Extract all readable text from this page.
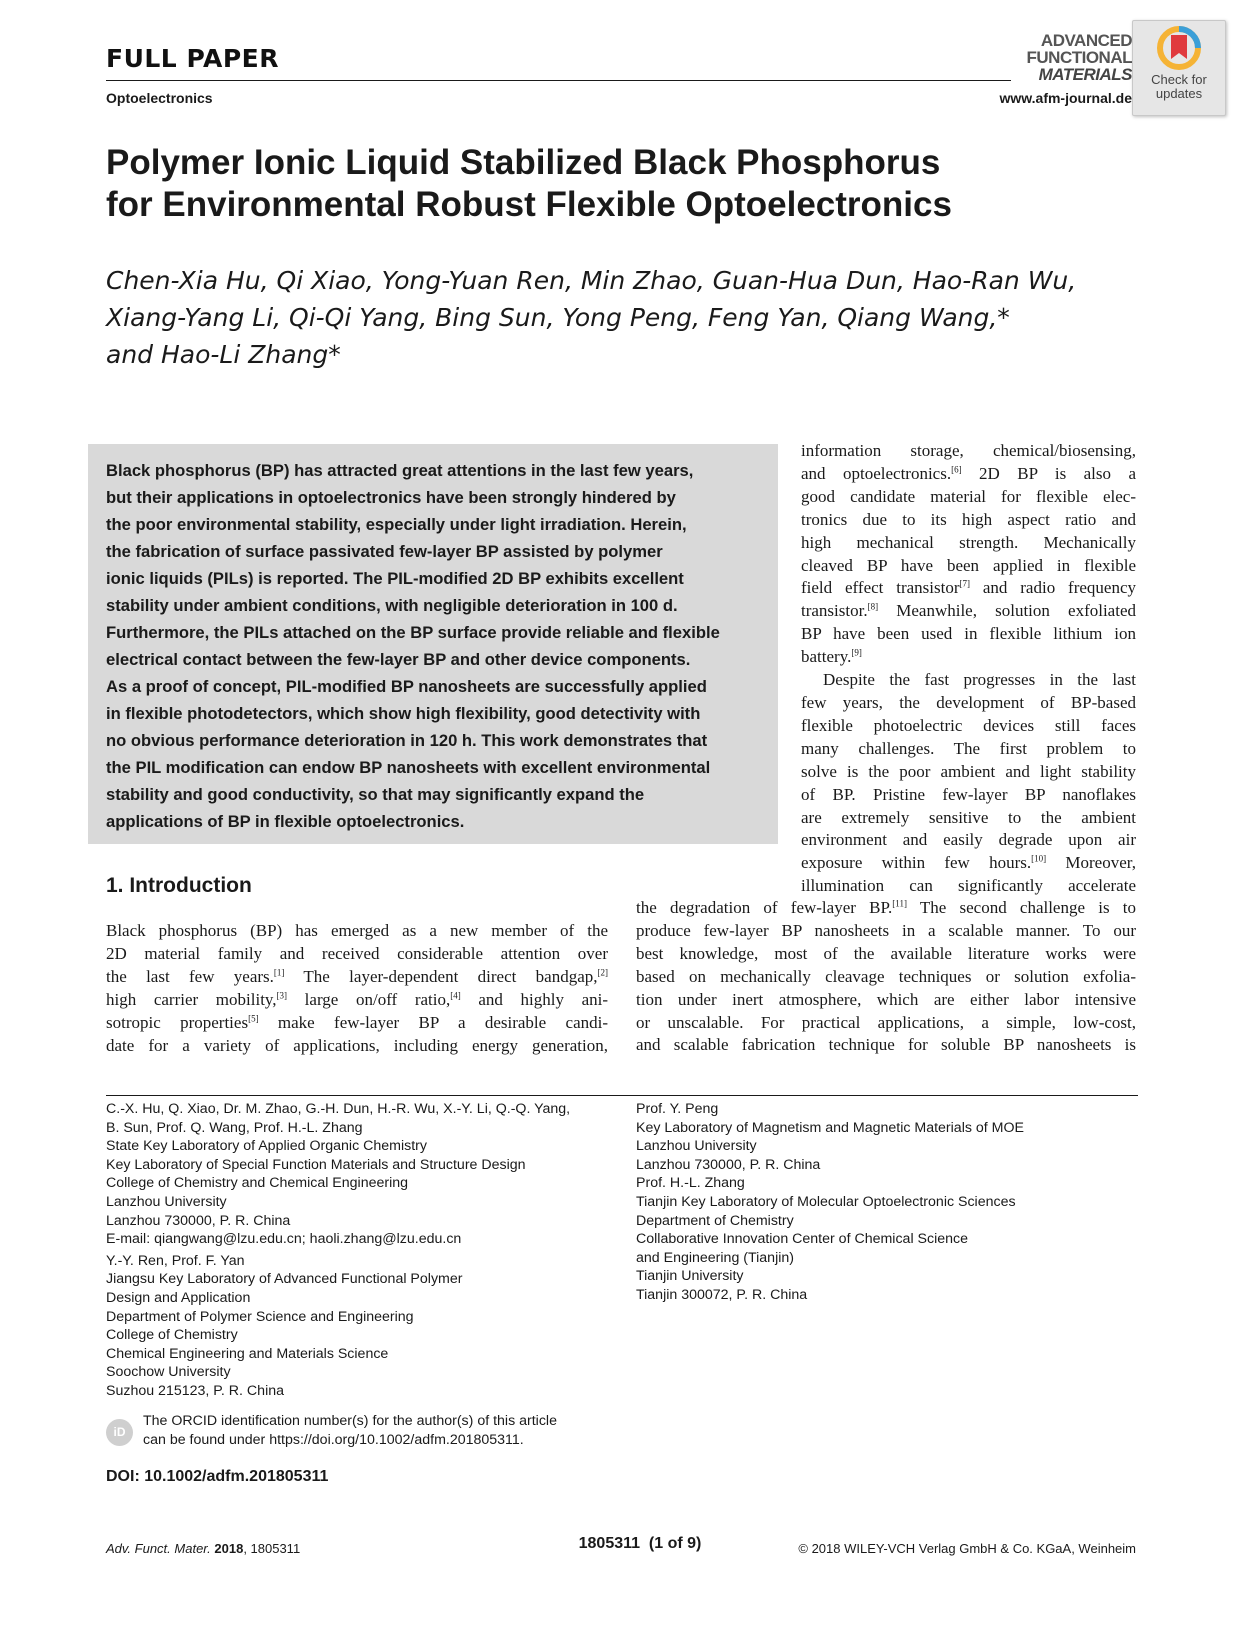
FULL PAPER
Optoelectronics
ADVANCED
FUNCTIONAL
MATERIALS
www.afm-journal.de
Check for
updates
Polymer Ionic Liquid Stabilized Black Phosphorus
for Environmental Robust Flexible Optoelectronics
Chen-Xia Hu, Qi Xiao, Yong-Yuan Ren, Min Zhao, Guan-Hua Dun, Hao-Ran Wu,
Xiang-Yang Li, Qi-Qi Yang, Bing Sun, Yong Peng, Feng Yan, Qiang Wang,*
and Hao-Li Zhang*
Black phosphorus (BP) has attracted great attentions in the last few years,
but their applications in optoelectronics have been strongly hindered by
the poor environmental stability, especially under light irradiation. Herein,
the fabrication of surface passivated few-layer BP assisted by polymer
ionic liquids (PILs) is reported. The PIL-modified 2D BP exhibits excellent
stability under ambient conditions, with negligible deterioration in 100 d.
Furthermore, the PILs attached on the BP surface provide reliable and flexible
electrical contact between the few-layer BP and other device components.
As a proof of concept, PIL-modified BP nanosheets are successfully applied
in flexible photodetectors, which show high flexibility, good detectivity with
no obvious performance deterioration in 120 h. This work demonstrates that
the PIL modification can endow BP nanosheets with excellent environmental
stability and good conductivity, so that may significantly expand the
applications of BP in flexible optoelectronics.
information storage, chemical/biosensing,
and optoelectronics.[6] 2D BP is also a
good candidate material for flexible elec-
tronics due to its high aspect ratio and
high mechanical strength. Mechanically
cleaved BP have been applied in flexible
field effect transistor[7] and radio frequency
transistor.[8] Meanwhile, solution exfoliated
BP have been used in flexible lithium ion
battery.[9]
Despite the fast progresses in the last
few years, the development of BP-based
flexible photoelectric devices still faces
many challenges. The first problem to
solve is the poor ambient and light stability
of BP. Pristine few-layer BP nanoflakes
are extremely sensitive to the ambient
environment and easily degrade upon air
exposure within few hours.[10] Moreover,
illumination can significantly accelerate
the degradation of few-layer BP.[11] The second challenge is to
produce few-layer BP nanosheets in a scalable manner. To our
best knowledge, most of the available literature works were
based on mechanically cleavage techniques or solution exfolia-
tion under inert atmosphere, which are either labor intensive
or unscalable. For practical applications, a simple, low-cost,
and scalable fabrication technique for soluble BP nanosheets is
1. Introduction
Black phosphorus (BP) has emerged as a new member of the
2D material family and received considerable attention over
the last few years.[1] The layer-dependent direct bandgap,[2]
high carrier mobility,[3] large on/off ratio,[4] and highly ani-
sotropic properties[5] make few-layer BP a desirable candi-
date for a variety of applications, including energy generation,
C.-X. Hu, Q. Xiao, Dr. M. Zhao, G.-H. Dun, H.-R. Wu, X.-Y. Li, Q.-Q. Yang,
B. Sun, Prof. Q. Wang, Prof. H.-L. Zhang
State Key Laboratory of Applied Organic Chemistry
Key Laboratory of Special Function Materials and Structure Design
College of Chemistry and Chemical Engineering
Lanzhou University
Lanzhou 730000, P. R. China
E-mail: qiangwang@lzu.edu.cn; haoli.zhang@lzu.edu.cn
Y.-Y. Ren, Prof. F. Yan
Jiangsu Key Laboratory of Advanced Functional Polymer
Design and Application
Department of Polymer Science and Engineering
College of Chemistry
Chemical Engineering and Materials Science
Soochow University
Suzhou 215123, P. R. China
Prof. Y. Peng
Key Laboratory of Magnetism and Magnetic Materials of MOE
Lanzhou University
Lanzhou 730000, P. R. China
Prof. H.-L. Zhang
Tianjin Key Laboratory of Molecular Optoelectronic Sciences
Department of Chemistry
Collaborative Innovation Center of Chemical Science
and Engineering (Tianjin)
Tianjin University
Tianjin 300072, P. R. China
iD
The ORCID identification number(s) for the author(s) of this article
can be found under https://doi.org/10.1002/adfm.201805311.
DOI: 10.1002/adfm.201805311
Adv. Funct. Mater. 2018, 1805311	1805311  (1 of 9)	© 2018 WILEY-VCH Verlag GmbH & Co. KGaA, Weinheim
